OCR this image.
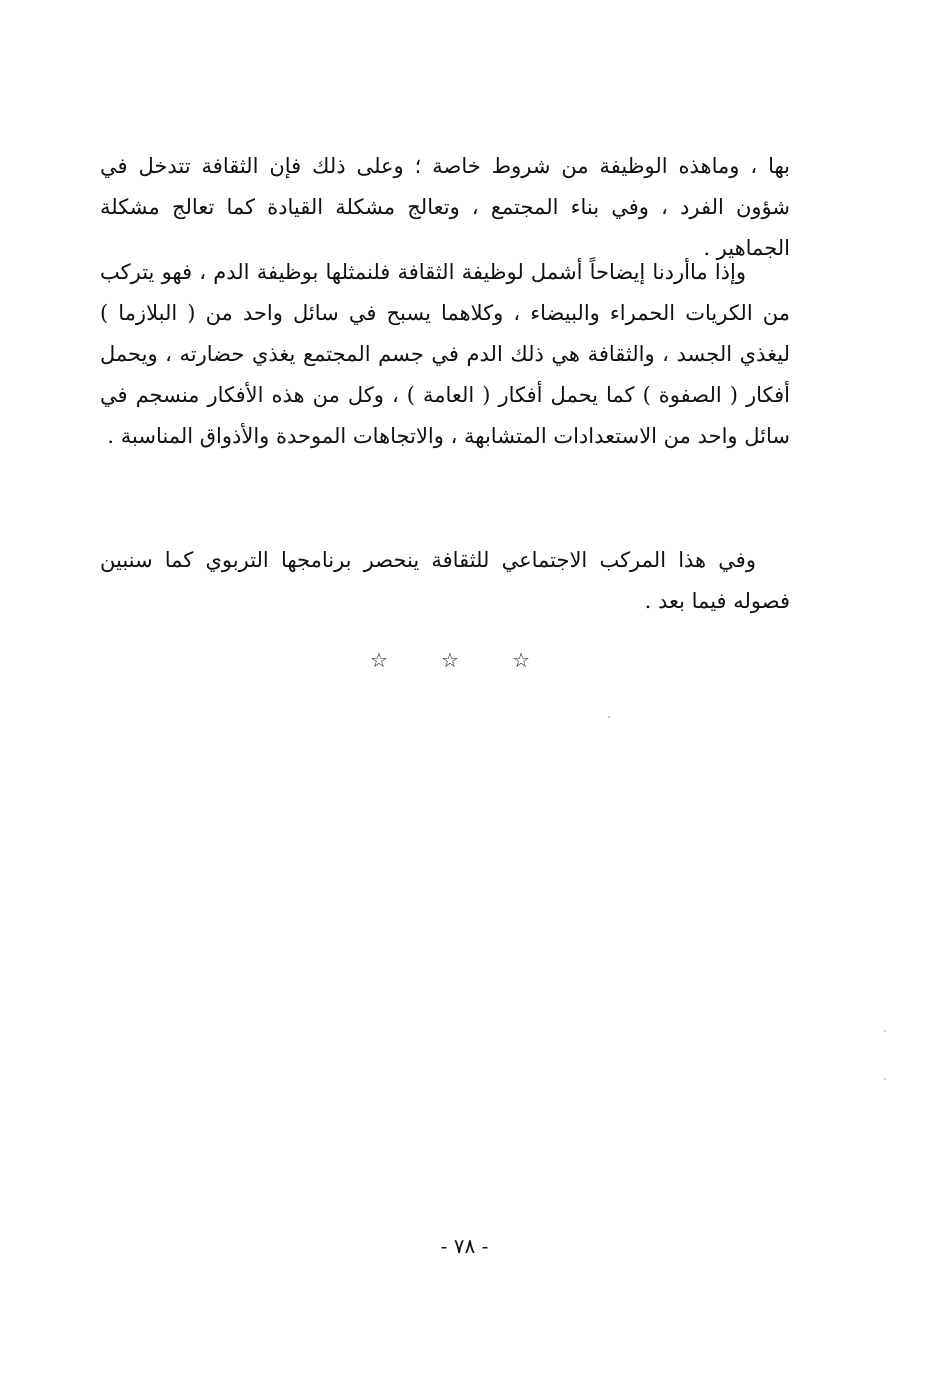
بها ، وماهذه الوظيفة من شروط خاصة ؛ وعلى ذلك فإن الثقافة تتدخل في شؤون الفرد ، وفي بناء المجتمع ، وتعالج مشكلة القيادة كما تعالج مشكلة الجماهير .

وإذا ماأردنا إيضاحاً أشمل لوظيفة الثقافة فلنمثلها بوظيفة الدم ، فهو يتركب من الكريات الحمراء والبيضاء ، وكلاهما يسبح في سائل واحد من ( البلازما ) ليغذي الجسد ، والثقافة هي ذلك الدم في جسم المجتمع يغذي حضارته ، ويحمل أفكار ( الصفوة ) كما يحمل أفكار ( العامة ) ، وكل من هذه الأفكار منسجم في سائل واحد من الاستعدادات المتشابهة ، والاتجاهات الموحدة والأذواق المناسبة .

وفي هذا المركب الاجتماعي للثقافة ينحصر برنامجها التربوي كما سنبين فصوله فيما بعد .

☆	☆	☆
- ٧٨ -
